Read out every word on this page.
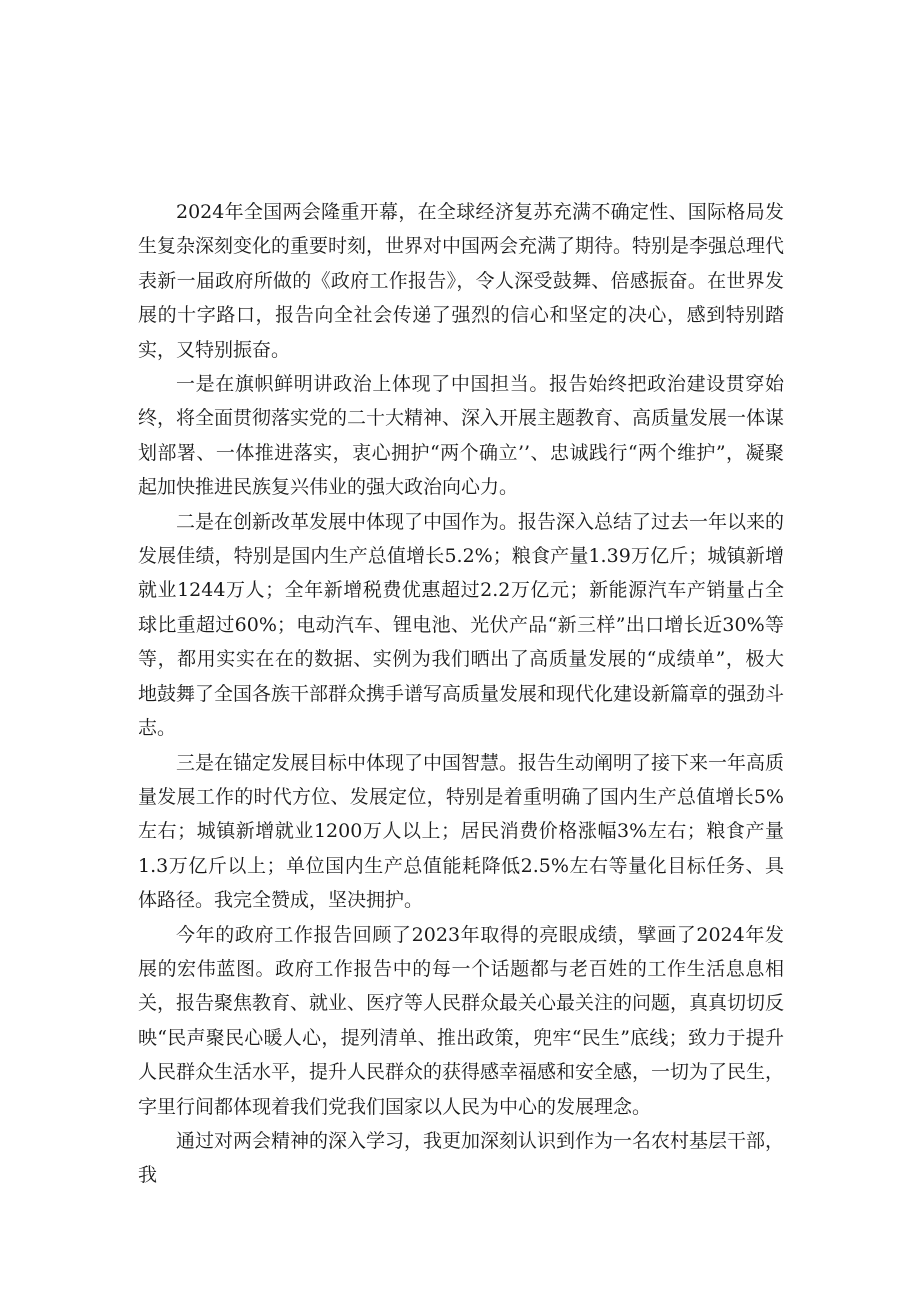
2024年全国两会隆重开幕，在全球经济复苏充满不确定性、国际格局发生复杂深刻变化的重要时刻，世界对中国两会充满了期待。特别是李强总理代表新一届政府所做的《政府工作报告》，令人深受鼓舞、倍感振奋。在世界发展的十字路口，报告向全社会传递了强烈的信心和坚定的决心，感到特别踏实，又特别振奋。

一是在旗帜鲜明讲政治上体现了中国担当。报告始终把政治建设贯穿始终，将全面贯彻落实党的二十大精神、深入开展主题教育、高质量发展一体谋划部署、一体推进落实，衷心拥护“两个确立’’、忠诚践行“两个维护”，凝聚起加快推进民族复兴伟业的强大政治向心力。

二是在创新改革发展中体现了中国作为。报告深入总结了过去一年以来的发展佳绩，特别是国内生产总值增长5.2%；粮食产量1.39万亿斤；城镇新增就业1244万人；全年新增税费优惠超过2.2万亿元；新能源汽车产销量占全球比重超过60%；电动汽车、锂电池、光伏产品“新三样”出口增长近30%等等，都用实实在在的数据、实例为我们晒出了高质量发展的“成绩单”，极大地鼓舞了全国各族干部群众携手谱写高质量发展和现代化建设新篇章的强劲斗志。

三是在锚定发展目标中体现了中国智慧。报告生动阐明了接下来一年高质量发展工作的时代方位、发展定位，特别是着重明确了国内生产总值增长5%左右；城镇新增就业1200万人以上；居民消费价格涨幅3%左右；粮食产量1.3万亿斤以上；单位国内生产总值能耗降低2.5%左右等量化目标任务、具体路径。我完全赞成，坚决拥护。

今年的政府工作报告回顾了2023年取得的亮眼成绩，擘画了2024年发展的宏伟蓝图。政府工作报告中的每一个话题都与老百姓的工作生活息息相关，报告聚焦教育、就业、医疗等人民群众最关心最关注的问题，真真切切反映“民声聚民心暖人心，提列清单、推出政策，兜牢“民生”底线；致力于提升人民群众生活水平，提升人民群众的获得感幸福感和安全感，一切为了民生，字里行间都体现着我们党我们国家以人民为中心的发展理念。

通过对两会精神的深入学习，我更加深刻认识到作为一名农村基层干部，我
